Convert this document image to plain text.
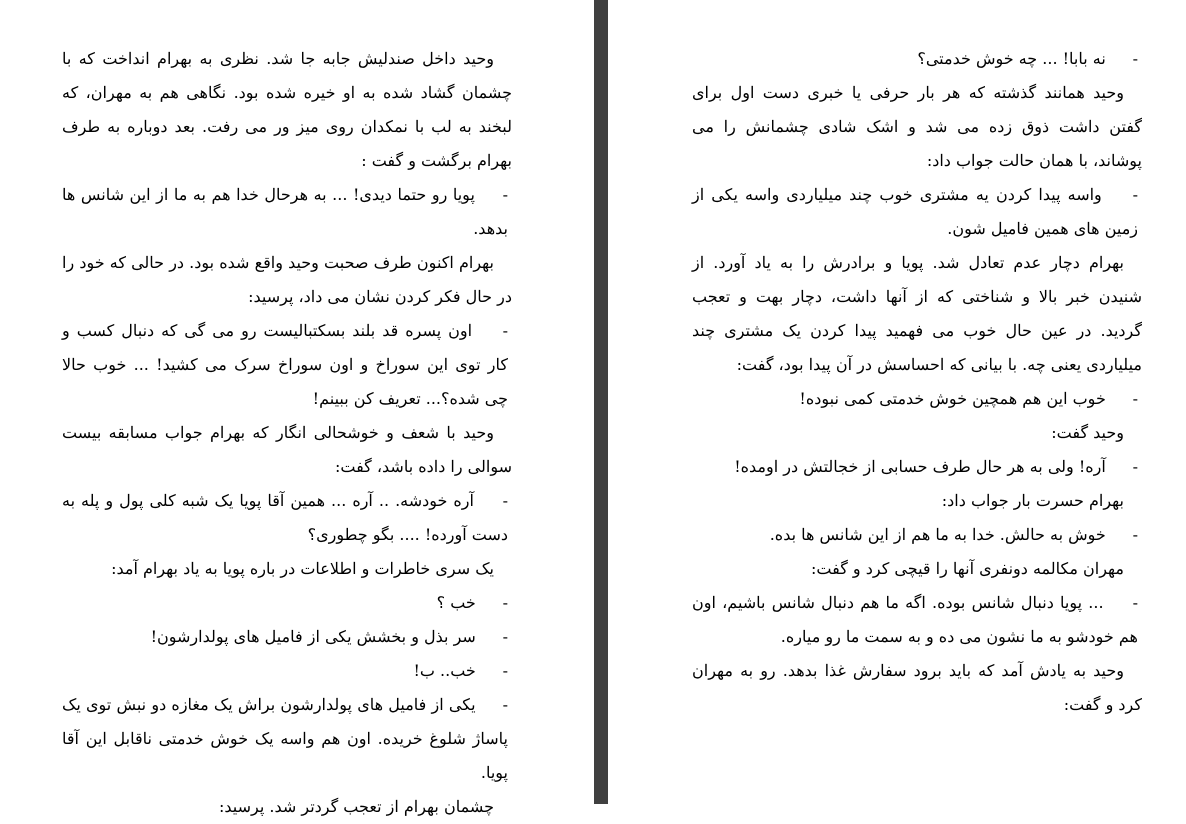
وحید داخل صندلیش جابه جا شد. نظری به بهرام انداخت که با چشمان گشاد شده به او خیره شده بود. نگاهی هم به مهران، که لبخند به لب با نمکدان روی میز ور می رفت. بعد دوباره به طرف بهرام برگشت و گفت :

-  پویا رو حتما دیدی! ... به هرحال خدا هم به ما از این شانس ها بدهد.

بهرام اکنون طرف صحبت وحید واقع شده بود. در حالی که خود را در حال فکر کردن نشان می داد، پرسید:

-  اون پسره قد بلند بسکتبالیست رو می گی که دنبال کسب و کار توی این سوراخ و اون سوراخ سرک می کشید! ... خوب حالا چی شده؟... تعریف کن ببینم!

وحید با شعف و خوشحالی انگار که بهرام جواب مسابقه بیست سوالی را داده باشد، گفت:

-  آره خودشه. .. آره ... همین آقا پویا یک شبه کلی پول و پله به دست آورده! .... بگو چطوری؟

یک سری خاطرات و اطلاعات در باره پویا به یاد بهرام آمد:

-  خب ؟

-  سر بذل و بخشش یکی از فامیل های پولدارشون!

-  خب.. ب!

-  یکی از فامیل های پولدارشون براش یک مغازه دو نبش توی یک پاساژ شلوغ خریده. اون هم واسه یک خوش خدمتی ناقابل این آقا پویا.

چشمان بهرام از تعجب گردتر شد. پرسید:

-  نه بابا! ... چه خوش خدمتی؟

وحید همانند گذشته که هر بار حرفی یا خبری دست اول برای گفتن داشت ذوق زده می شد و اشک شادی چشمانش را می پوشاند، با همان حالت جواب داد:

-  واسه پیدا کردن یه مشتری خوب چند میلیاردی واسه یکی از زمین های همین فامیل شون.

بهرام دچار عدم تعادل شد. پویا و برادرش را به یاد آورد. از شنیدن خبر بالا و شناختی که از آنها داشت، دچار بهت و تعجب گردید. در عین حال خوب می فهمید پیدا کردن یک مشتری چند میلیاردی یعنی چه. با بیانی که احساسش در آن پیدا بود، گفت:

-  خوب این هم همچین خوش خدمتی کمی نبوده!

وحید گفت:

-  آره! ولی به هر حال طرف حسابی از خجالتش در اومده!

بهرام حسرت بار جواب داد:

-  خوش به حالش. خدا به ما هم از این شانس ها بده.

مهران مکالمه دونفری آنها را قیچی کرد و گفت:

-  ... پویا دنبال شانس بوده. اگه ما هم دنبال شانس باشیم، اون هم خودشو به ما نشون می ده و به سمت ما رو میاره.

وحید به یادش آمد که باید برود سفارش غذا بدهد. رو به مهران کرد و گفت:
